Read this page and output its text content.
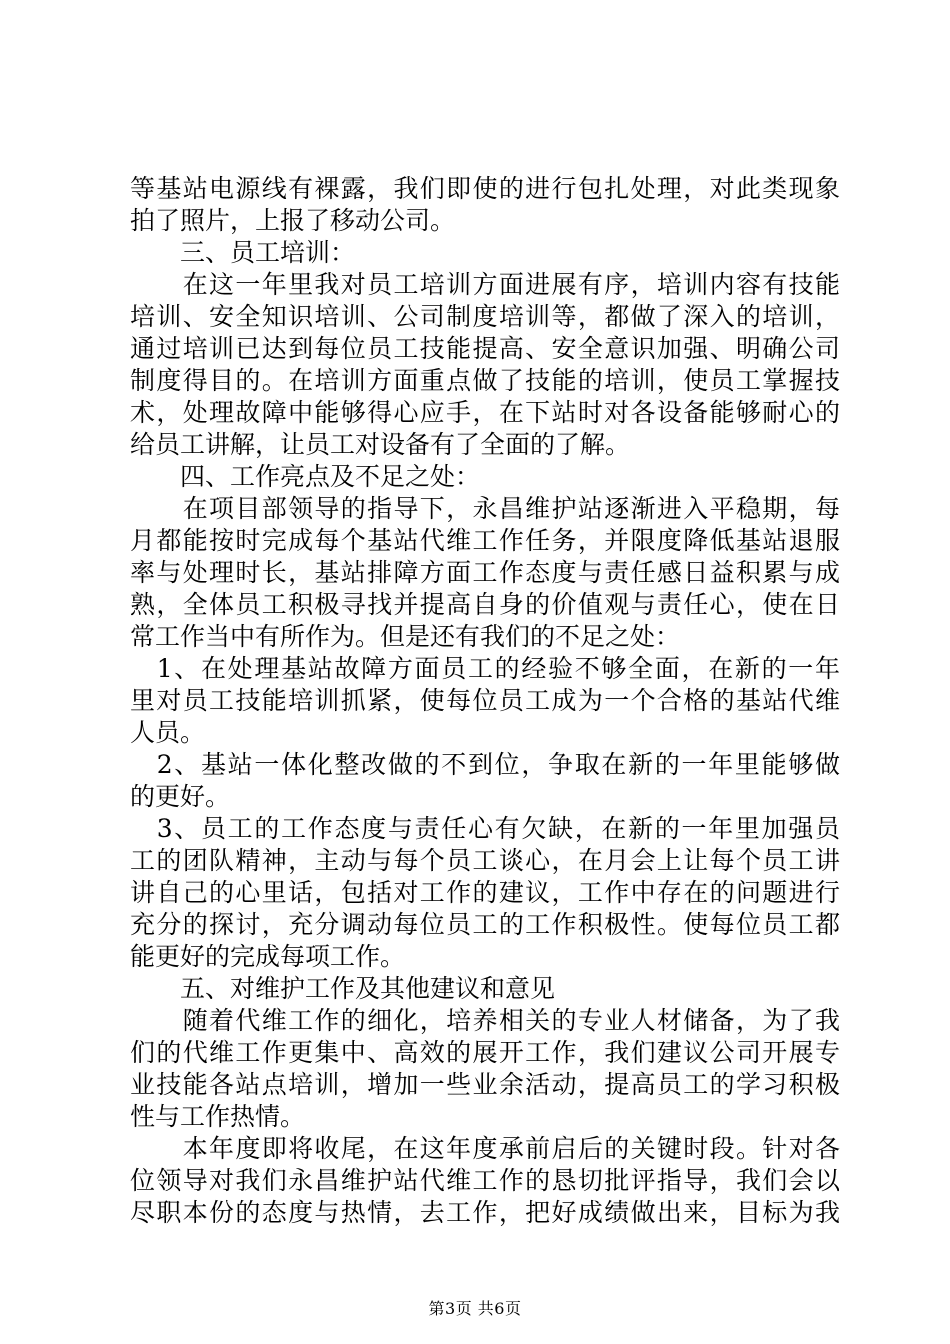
等基站电源线有裸露，我们即使的进行包扎处理，对此类现象
拍了照片，上报了移动公司。
　　三、员工培训：
　　在这一年里我对员工培训方面进展有序，培训内容有技能
培训、安全知识培训、公司制度培训等，都做了深入的培训，
通过培训已达到每位员工技能提高、安全意识加强、明确公司
制度得目的。在培训方面重点做了技能的培训，使员工掌握技
术，处理故障中能够得心应手，在下站时对各设备能够耐心的
给员工讲解，让员工对设备有了全面的了解。
　　四、工作亮点及不足之处：
　　在项目部领导的指导下，永昌维护站逐渐进入平稳期，每
月都能按时完成每个基站代维工作任务，并限度降低基站退服
率与处理时长，基站排障方面工作态度与责任感日益积累与成
熟，全体员工积极寻找并提高自身的价值观与责任心，使在日
常工作当中有所作为。但是还有我们的不足之处：
　1、在处理基站故障方面员工的经验不够全面，在新的一年
里对员工技能培训抓紧，使每位员工成为一个合格的基站代维
人员。
　2、基站一体化整改做的不到位，争取在新的一年里能够做
的更好。
　3、员工的工作态度与责任心有欠缺，在新的一年里加强员
工的团队精神，主动与每个员工谈心，在月会上让每个员工讲
讲自己的心里话，包括对工作的建议，工作中存在的问题进行
充分的探讨，充分调动每位员工的工作积极性。使每位员工都
能更好的完成每项工作。
　　五、对维护工作及其他建议和意见
　　随着代维工作的细化，培养相关的专业人材储备，为了我
们的代维工作更集中、高效的展开工作，我们建议公司开展专
业技能各站点培训，增加一些业余活动，提高员工的学习积极
性与工作热情。
　　本年度即将收尾，在这年度承前启后的关键时段。针对各
位领导对我们永昌维护站代维工作的恳切批评指导，我们会以
尽职本份的态度与热情，去工作，把好成绩做出来，目标为我
第3页 共6页
